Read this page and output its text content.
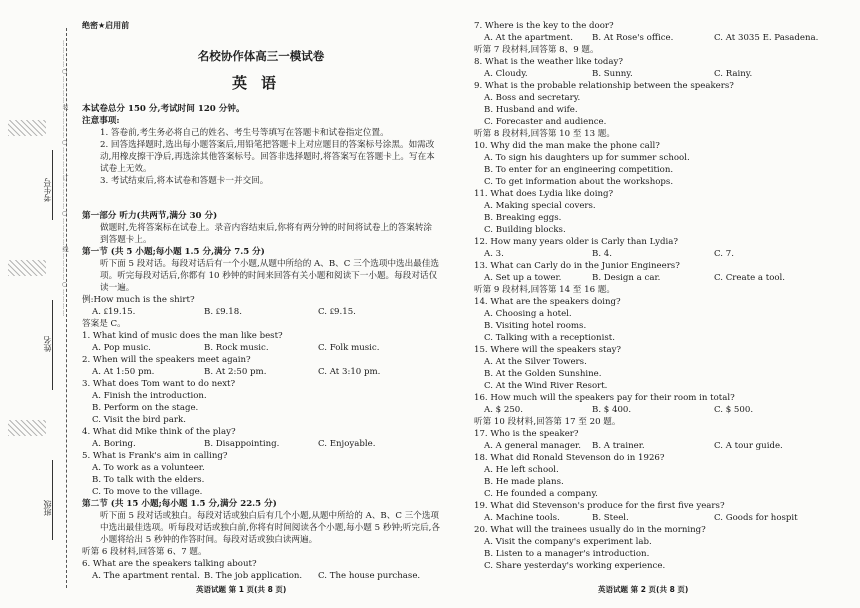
考生号
姓名
班级
…………○…………装…………○…………订…………○…………线…………○…………
绝密★启用前
名校协作体高三一模试卷
英语
本试卷总分 150 分,考试时间 120 分钟。
注意事项:
1. 答卷前,考生务必将自己的姓名、考生号等填写在答题卡和试卷指定位置。
2. 回答选择题时,选出每小题答案后,用铅笔把答题卡上对应题目的答案标号涂黑。如需改动,用橡皮擦干净后,再选涂其他答案标号。回答非选择题时,将答案写在答题卡上。写在本试卷上无效。
3. 考试结束后,将本试卷和答题卡一并交回。
第一部分 听力(共两节,满分 30 分)
做题时,先将答案标在试卷上。录音内容结束后,你将有两分钟的时间将试卷上的答案转涂到答题卡上。
第一节 (共 5 小题;每小题 1.5 分,满分 7.5 分)
听下面 5 段对话。每段对话后有一个小题,从题中所给的 A、B、C 三个选项中选出最佳选项。听完每段对话后,你都有 10 秒钟的时间来回答有关小题和阅读下一小题。每段对话仅读一遍。
例:How much is the shirt?
A. ₤19.15.	B. ₤9.18.	C. ₤9.15.
答案是 C。
1. What kind of music does the man like best?
A. Pop music.	B. Rock music.	C. Folk music.
2. When will the speakers meet again?
A. At 1:50 pm.	B. At 2:50 pm.	C. At 3:10 pm.
3. What does Tom want to do next?
A. Finish the introduction.
B. Perform on the stage.
C. Visit the bird park.
4. What did Mike think of the play?
A. Boring.	B. Disappointing.	C. Enjoyable.
5. What is Frank's aim in calling?
A. To work as a volunteer.
B. To talk with the elders.
C. To move to the village.
第二节 (共 15 小题;每小题 1.5 分,满分 22.5 分)
听下面 5 段对话或独白。每段对话或独白后有几个小题,从题中所给的 A、B、C 三个选项中选出最佳选项。听每段对话或独白前,你将有时间阅读各个小题,每小题 5 秒钟;听完后,各小题将给出 5 秒钟的作答时间。每段对话或独白读两遍。
听第 6 段材料,回答第 6、7 题。
6. What are the speakers talking about?
A. The apartment rental. B. The job application. C. The house purchase.
7. Where is the key to the door?
A. At the apartment. B. At Rose's office.	C. At 3035 E. Pasadena.
听第 7 段材料,回答第 8、9 题。
8. What is the weather like today?
A. Cloudy.	B. Sunny.	C. Rainy.
9. What is the probable relationship between the speakers?
A. Boss and secretary.
B. Husband and wife.
C. Forecaster and audience.
听第 8 段材料,回答第 10 至 13 题。
10. Why did the man make the phone call?
A. To sign his daughters up for summer school.
B. To enter for an engineering competition.
C. To get information about the workshops.
11. What does Lydia like doing?
A. Making special covers.
B. Breaking eggs.
C. Building blocks.
12. How many years older is Carly than Lydia?
A. 3.	B. 4.	C. 7.
13. What can Carly do in the Junior Engineers?
A. Set up a tower.	B. Design a car.	C. Create a tool.
听第 9 段材料,回答第 14 至 16 题。
14. What are the speakers doing?
A. Choosing a hotel.
B. Visiting hotel rooms.
C. Talking with a receptionist.
15. Where will the speakers stay?
A. At the Silver Towers.
B. At the Golden Sunshine.
C. At the Wind River Resort.
16. How much will the speakers pay for their room in total?
A. $ 250.	B. $ 400.	C. $ 500.
听第 10 段材料,回答第 17 至 20 题。
17. Who is the speaker?
A. A general manager. B. A trainer.	C. A tour guide.
18. What did Ronald Stevenson do in 1926?
A. He left school.
B. He made plans.
C. He founded a company.
19. What did Stevenson's produce for the first five years?
A. Machine tools.	B. Steel.	C. Goods for hospit
20. What will the trainees usually do in the morning?
A. Visit the company's experiment lab.
B. Listen to a manager's introduction.
C. Share yesterday's working experience.
英语试题 第 1 页(共 8 页)	英语试题 第 2 页(共 8 页)
